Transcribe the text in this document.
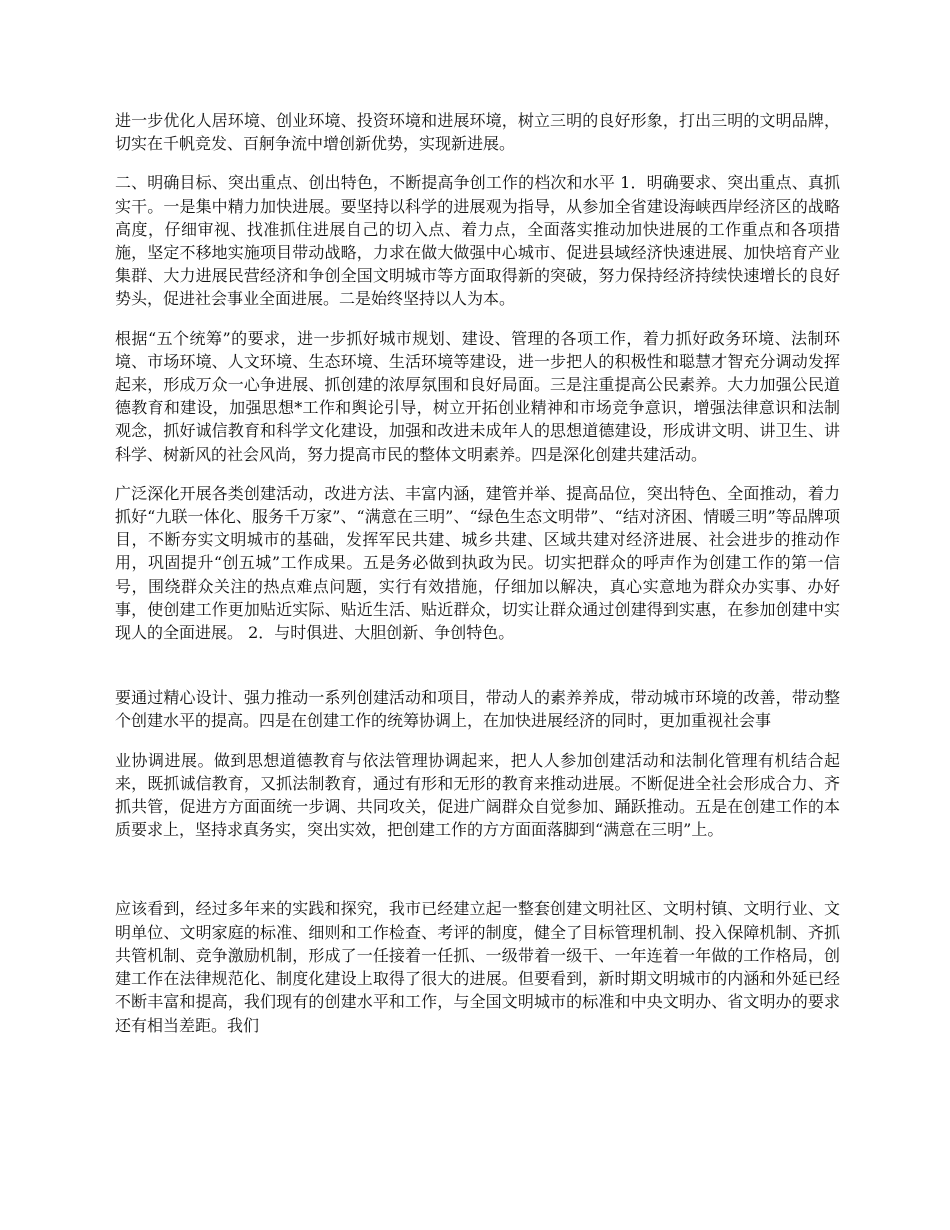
进一步优化人居环境、创业环境、投资环境和进展环境，树立三明的良好形象，打出三明的文明品牌，切实在千帆竞发、百舸争流中增创新优势，实现新进展。

二、明确目标、突出重点、创出特色，不断提高争创工作的档次和水平 1．明确要求、突出重点、真抓实干。一是集中精力加快进展。要坚持以科学的进展观为指导，从参加全省建设海峡西岸经济区的战略高度，仔细审视、找准抓住进展自己的切入点、着力点，全面落实推动加快进展的工作重点和各项措施，坚定不移地实施项目带动战略，力求在做大做强中心城市、促进县域经济快速进展、加快培育产业集群、大力进展民营经济和争创全国文明城市等方面取得新的突破，努力保持经济持续快速增长的良好势头，促进社会事业全面进展。二是始终坚持以人为本。

根据“五个统筹”的要求，进一步抓好城市规划、建设、管理的各项工作，着力抓好政务环境、法制环境、市场环境、人文环境、生态环境、生活环境等建设，进一步把人的积极性和聪慧才智充分调动发挥起来，形成万众一心争进展、抓创建的浓厚氛围和良好局面。三是注重提高公民素养。大力加强公民道德教育和建设，加强思想*工作和舆论引导，树立开拓创业精神和市场竞争意识，增强法律意识和法制观念，抓好诚信教育和科学文化建设，加强和改进未成年人的思想道德建设，形成讲文明、讲卫生、讲科学、树新风的社会风尚，努力提高市民的整体文明素养。四是深化创建共建活动。

广泛深化开展各类创建活动，改进方法、丰富内涵，建管并举、提高品位，突出特色、全面推动，着力抓好“九联一体化、服务千万家”、“满意在三明”、“绿色生态文明带”、“结对济困、情暖三明”等品牌项目，不断夯实文明城市的基础，发挥军民共建、城乡共建、区域共建对经济进展、社会进步的推动作用，巩固提升“创五城”工作成果。五是务必做到执政为民。切实把群众的呼声作为创建工作的第一信号，围绕群众关注的热点难点问题，实行有效措施，仔细加以解决，真心实意地为群众办实事、办好事，使创建工作更加贴近实际、贴近生活、贴近群众，切实让群众通过创建得到实惠，在参加创建中实现人的全面进展。 2．与时俱进、大胆创新、争创特色。

要通过精心设计、强力推动一系列创建活动和项目，带动人的素养养成，带动城市环境的改善，带动整个创建水平的提高。四是在创建工作的统筹协调上，在加快进展经济的同时，更加重视社会事

业协调进展。做到思想道德教育与依法管理协调起来，把人人参加创建活动和法制化管理有机结合起来，既抓诚信教育，又抓法制教育，通过有形和无形的教育来推动进展。不断促进全社会形成合力、齐抓共管，促进方方面面统一步调、共同攻关，促进广阔群众自觉参加、踊跃推动。五是在创建工作的本质要求上，坚持求真务实，突出实效，把创建工作的方方面面落脚到“满意在三明”上。

应该看到，经过多年来的实践和探究，我市已经建立起一整套创建文明社区、文明村镇、文明行业、文明单位、文明家庭的标准、细则和工作检查、考评的制度，健全了目标管理机制、投入保障机制、齐抓共管机制、竞争激励机制，形成了一任接着一任抓、一级带着一级干、一年连着一年做的工作格局，创建工作在法律规范化、制度化建设上取得了很大的进展。但要看到，新时期文明城市的内涵和外延已经不断丰富和提高，我们现有的创建水平和工作，与全国文明城市的标准和中央文明办、省文明办的要求还有相当差距。我们
